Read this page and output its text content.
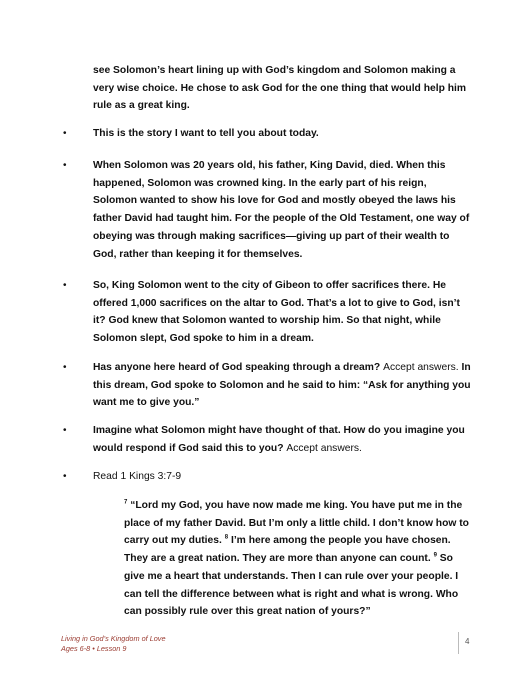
see Solomon’s heart lining up with God’s kingdom and Solomon making a very wise choice. He chose to ask God for the one thing that would help him rule as a great king.

•	This is the story I want to tell you about today.

•	When Solomon was 20 years old, his father, King David, died. When this happened, Solomon was crowned king. In the early part of his reign, Solomon wanted to show his love for God and mostly obeyed the laws his father David had taught him. For the people of the Old Testament, one way of obeying was through making sacrifices—giving up part of their wealth to God, rather than keeping it for themselves.

•	So, King Solomon went to the city of Gibeon to offer sacrifices there. He offered 1,000 sacrifices on the altar to God. That’s a lot to give to God, isn’t it? God knew that Solomon wanted to worship him. So that night, while Solomon slept, God spoke to him in a dream.

•	Has anyone here heard of God speaking through a dream? Accept answers. In this dream, God spoke to Solomon and he said to him: “Ask for anything you want me to give you.”

•	Imagine what Solomon might have thought of that. How do you imagine you would respond if God said this to you? Accept answers.

•	Read 1 Kings 3:7-9

$^7$ “Lord my God, you have now made me king. You have put me in the place of my father David. But I’m only a little child. I don’t know how to carry out my duties. $^8$ I’m here among the people you have chosen. They are a great nation. They are more than anyone can count. $^9$ So give me a heart that understands. Then I can rule over your people. I can tell the difference between what is right and what is wrong. Who can possibly rule over this great nation of yours?”

Living in God’s Kingdom of Love
Ages 6-8 • Lesson 9
4
